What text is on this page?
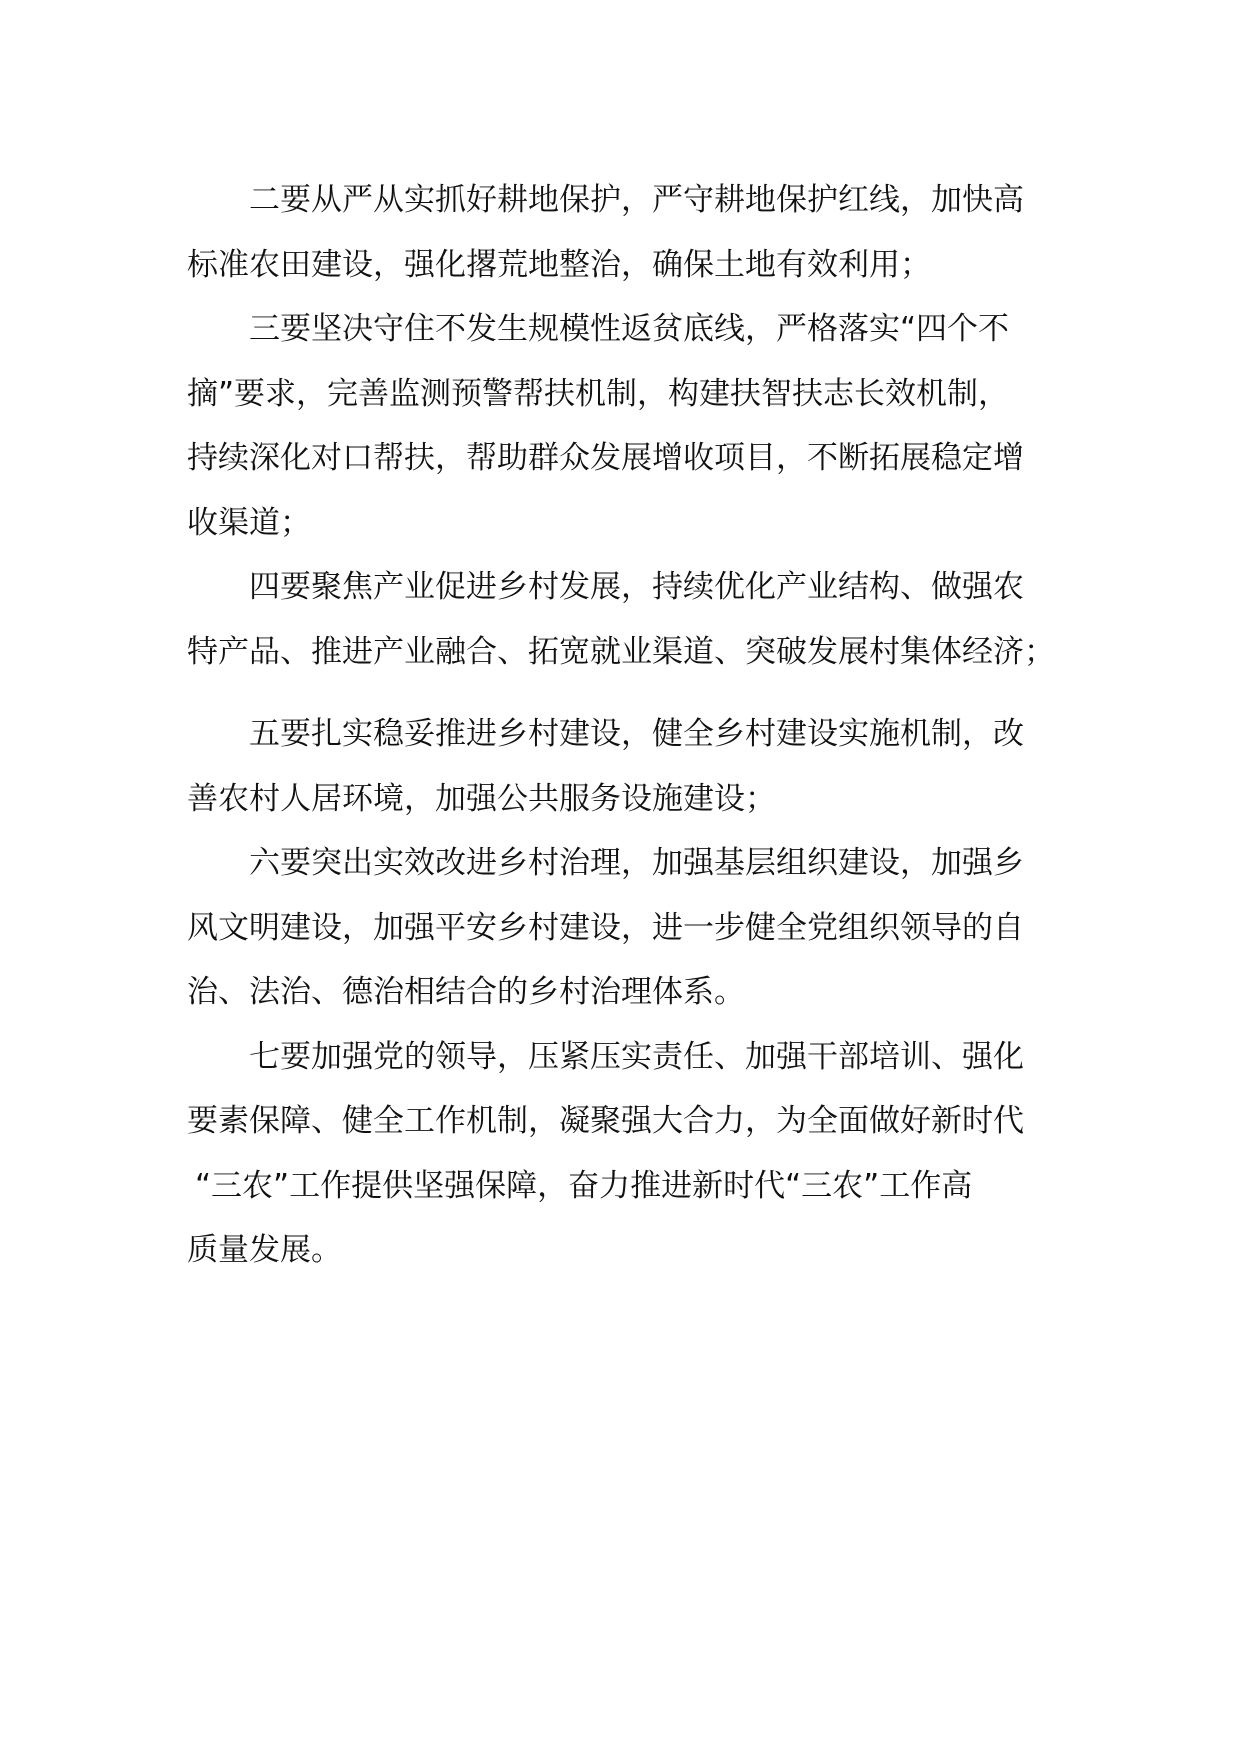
二要从严从实抓好耕地保护，严守耕地保护红线，加快高
标准农田建设，强化撂荒地整治，确保土地有效利用；
三要坚决守住不发生规模性返贫底线，严格落实“四个不
摘”要求，完善监测预警帮扶机制，构建扶智扶志长效机制，
持续深化对口帮扶，帮助群众发展增收项目，不断拓展稳定增
收渠道；
四要聚焦产业促进乡村发展，持续优化产业结构、做强农
特产品、推进产业融合、拓宽就业渠道、突破发展村集体经济；
五要扎实稳妥推进乡村建设，健全乡村建设实施机制，改
善农村人居环境，加强公共服务设施建设；
六要突出实效改进乡村治理，加强基层组织建设，加强乡
风文明建设，加强平安乡村建设，进一步健全党组织领导的自
治、法治、德治相结合的乡村治理体系。
七要加强党的领导，压紧压实责任、加强干部培训、强化
要素保障、健全工作机制，凝聚强大合力，为全面做好新时代
“三农”工作提供坚强保障，奋力推进新时代“三农”工作高
质量发展。
